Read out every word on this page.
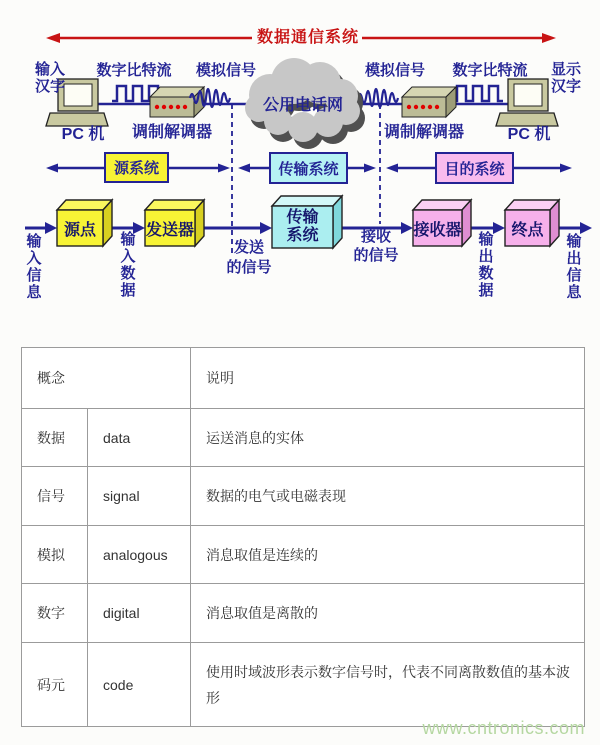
数据通信系统
输入
汉字
数字比特流 模拟信号	模拟信号 数字比特流 显示
汉字
公用电话网
PC 机	调制解调器	调制解调器	PC 机
源系统	传输系统	目的系统
源点	发送器
传输系统	接收器	终点
输入信息
输入数据
发送
的信号
接收
的信号
输出数据
输出信息
概念		说明
数据	data	运送消息的实体
信号	signal	数据的电气或电磁表现
模拟	analogous	消息取值是连续的
数字	digital	消息取值是离散的
码元	code	使用时域波形表示数字信号时，代表不同离散数值的基本波形
www.cntronics.com
